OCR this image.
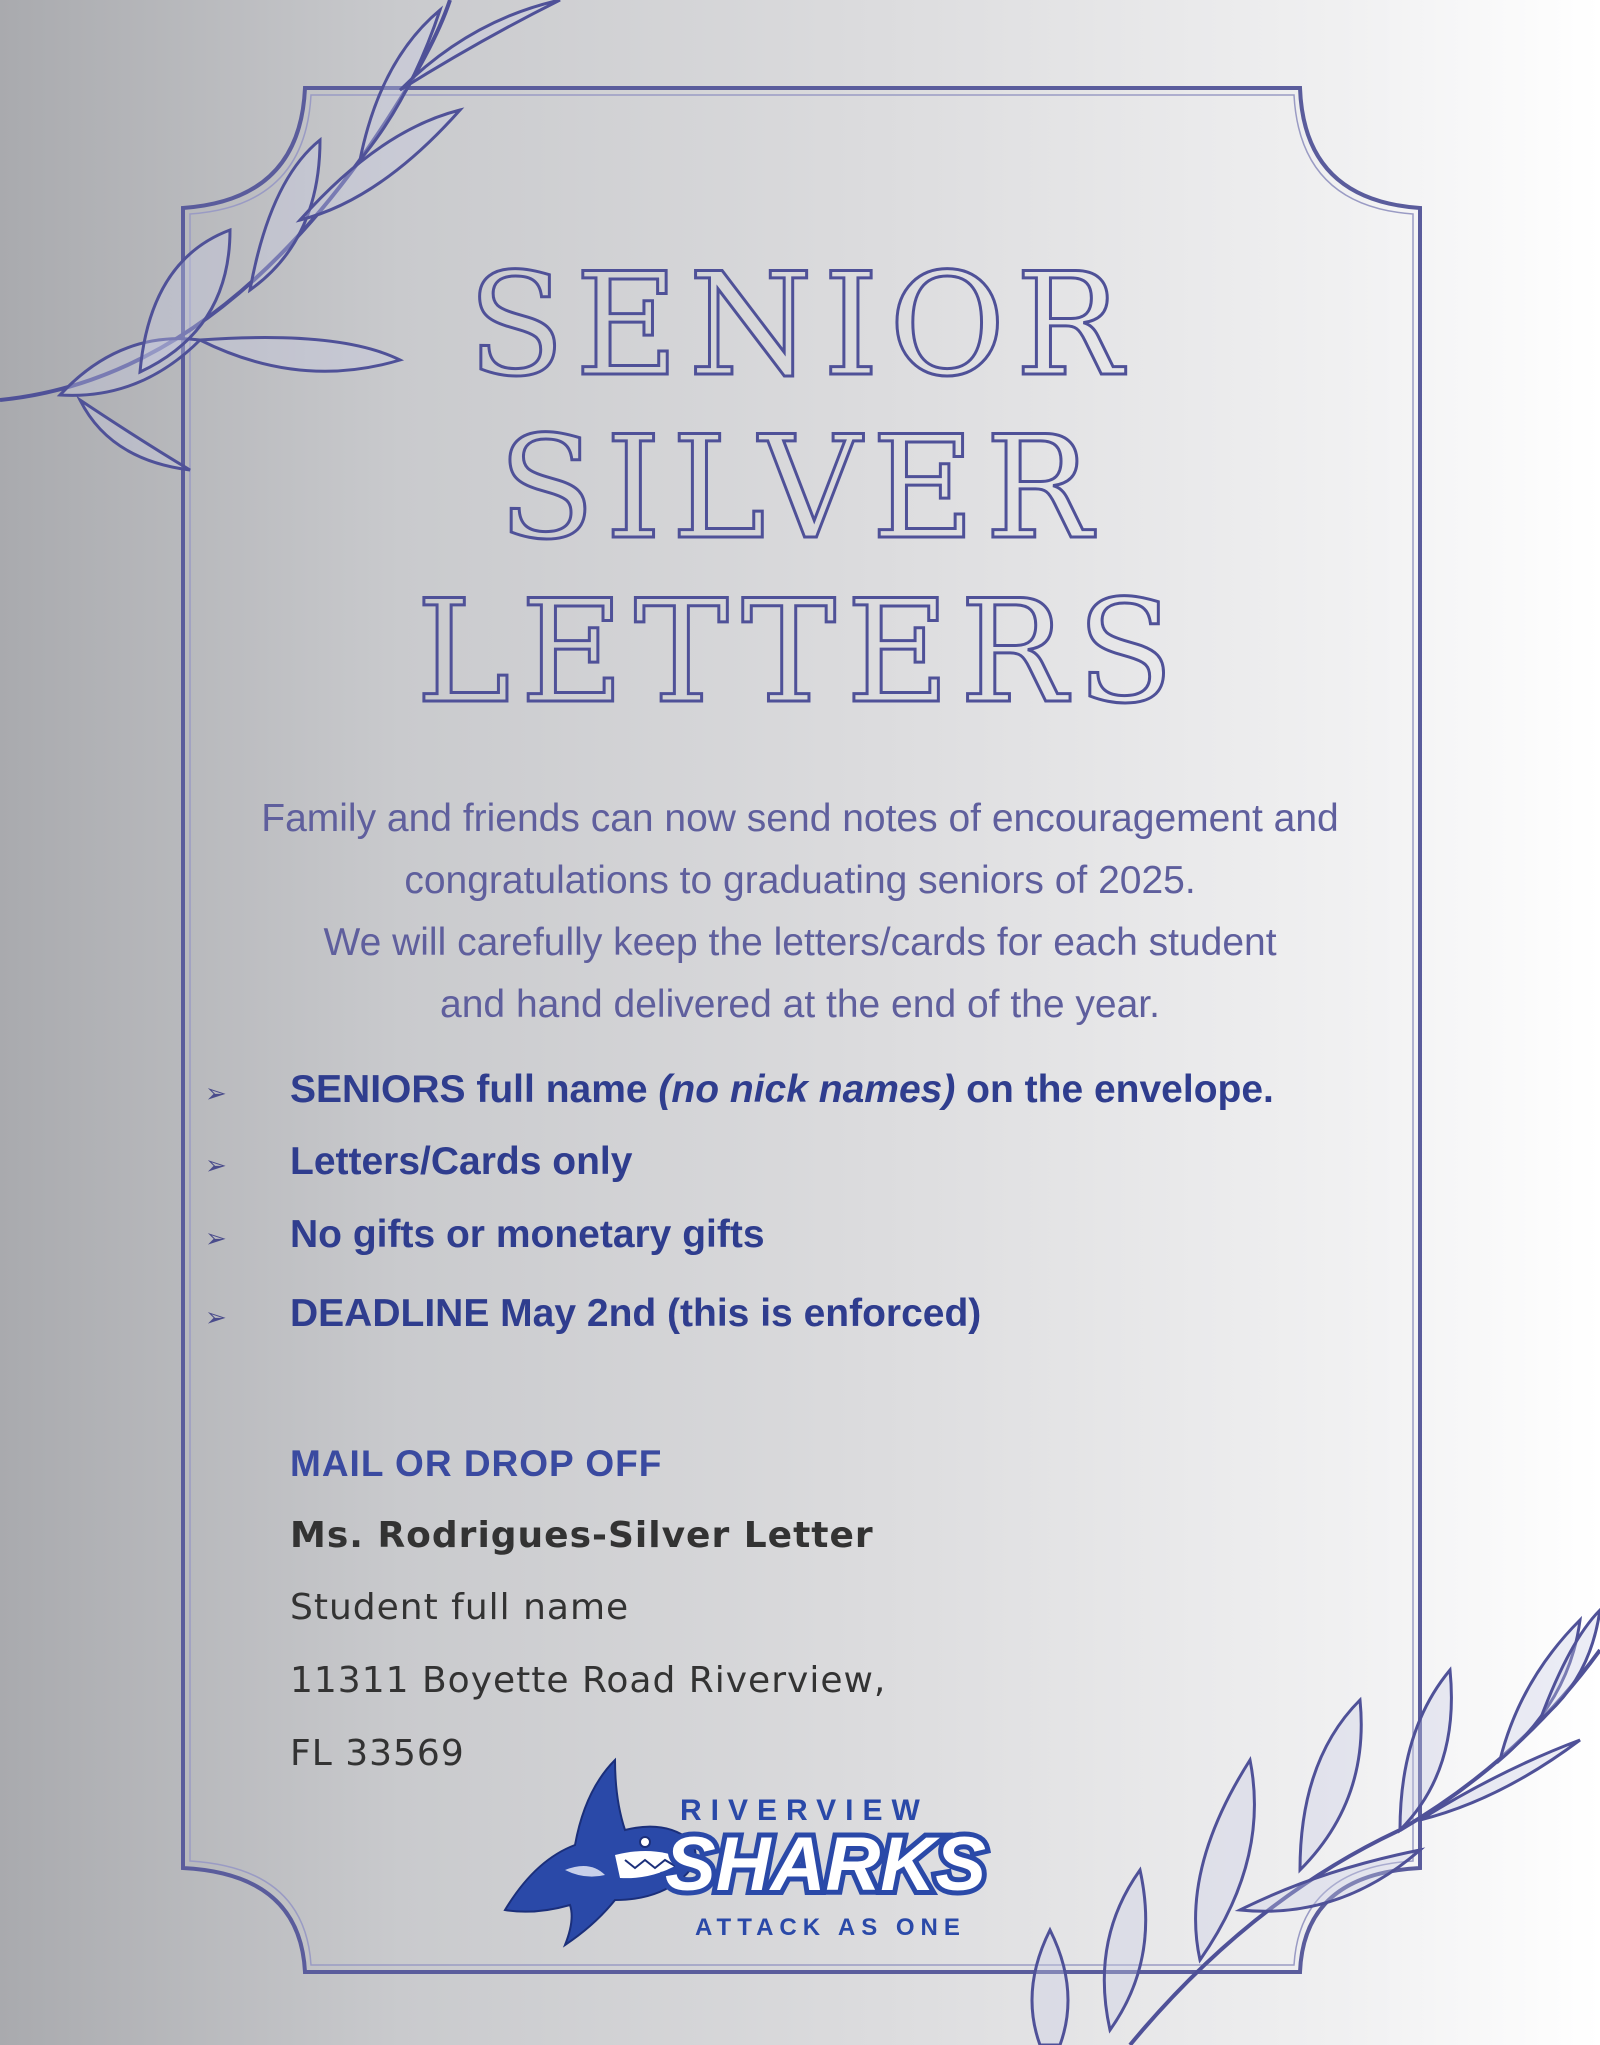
SENIOR
SILVER
LETTERS
Family and friends can now send notes of encouragement and
congratulations to graduating seniors of 2025.
We will carefully keep the letters/cards for each student
and hand delivered at the end of the year.
➢	SENIORS full name (no nick names) on the envelope.
➢	Letters/Cards only
➢	No gifts or monetary gifts
➢	DEADLINE May 2nd (this is enforced)
MAIL OR DROP OFF
Ms. Rodrigues-Silver Letter
Student full name
11311 Boyette Road Riverview,
FL 33569
RIVERVIEW
SHARKS
ATTACK AS ONE
